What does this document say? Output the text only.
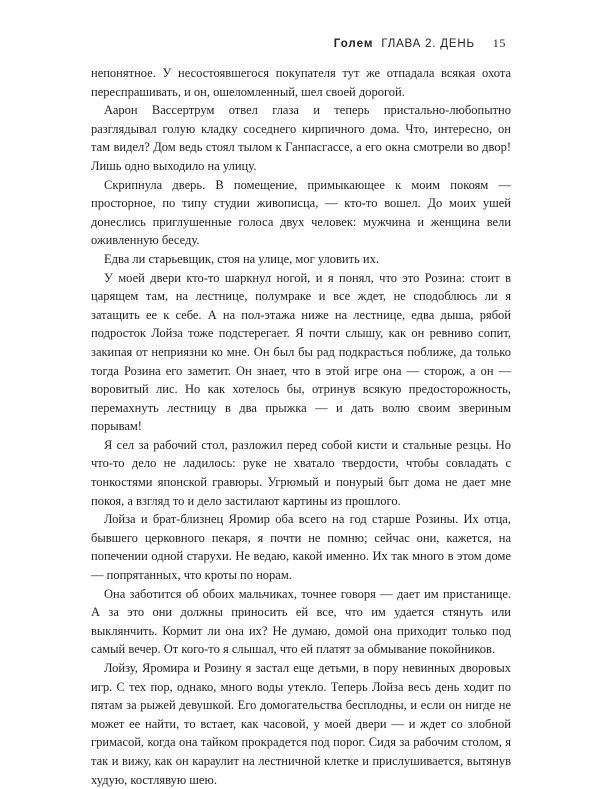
Голем ГЛАВА 2. ДЕНЬ 15

непонятное. У несостоявшегося покупателя тут же отпадала всякая охота переспрашивать, и он, ошеломленный, шел своей дорогой.

Аарон Вассертрум отвел глаза и теперь пристально-любопытно разглядывал голую кладку соседнего кирпичного дома. Что, интересно, он там видел? Дом ведь стоял тылом к Ганпасгассе, а его окна смотрели во двор! Лишь одно выходило на улицу.

Скрипнула дверь. В помещение, примыкающее к моим покоям — просторное, по типу студии живописца, — кто-то вошел. До моих ушей донеслись приглушенные голоса двух человек: мужчина и женщина вели оживленную беседу.

Едва ли старьевщик, стоя на улице, мог уловить их.

У моей двери кто-то шаркнул ногой, и я понял, что это Розина: стоит в царящем там, на лестнице, полумраке и все ждет, не сподоблюсь ли я затащить ее к себе. А на пол-этажа ниже на лестнице, едва дыша, рябой подросток Лойза тоже подстерегает. Я почти слышу, как он ревниво сопит, закипая от неприязни ко мне. Он был бы рад подкрасться поближе, да только тогда Розина его заметит. Он знает, что в этой игре она — сторож, а он — воровитый лис. Но как хотелось бы, отринув всякую предосторожность, перемахнуть лестницу в два прыжка — и дать волю своим звериным порывам!

Я сел за рабочий стол, разложил перед собой кисти и стальные резцы. Но что-то дело не ладилось: руке не хватало твердости, чтобы совладать с тонкостями японской гравюры. Угрюмый и понурый быт дома не дает мне покоя, а взгляд то и дело застилают картины из прошлого.

Лойза и брат-близнец Яромир оба всего на год старше Розины. Их отца, бывшего церковного пекаря, я почти не помню; сейчас они, кажется, на попечении одной старухи. Не ведаю, какой именно. Их так много в этом доме — попрятанных, что кроты по норам.

Она заботится об обоих мальчиках, точнее говоря — дает им пристанище. А за это они должны приносить ей все, что им удается стянуть или выклянчить. Кормит ли она их? Не думаю, домой она приходит только под самый вечер. От кого-то я слышал, что ей платят за обмывание покойников.

Лойзу, Яромира и Розину я застал еще детьми, в пору невинных дворовых игр. С тех пор, однако, много воды утекло. Теперь Лойза весь день ходит по пятам за рыжей девушкой. Его домогательства бесплодны, и если он нигде не может ее найти, то встает, как часовой, у моей двери — и ждет со злобной гримасой, когда она тайком прокрадется под порог. Сидя за рабочим столом, я так и вижу, как он караулит на лестничной клетке и прислушивается, вытянув худую, костлявую шею.
